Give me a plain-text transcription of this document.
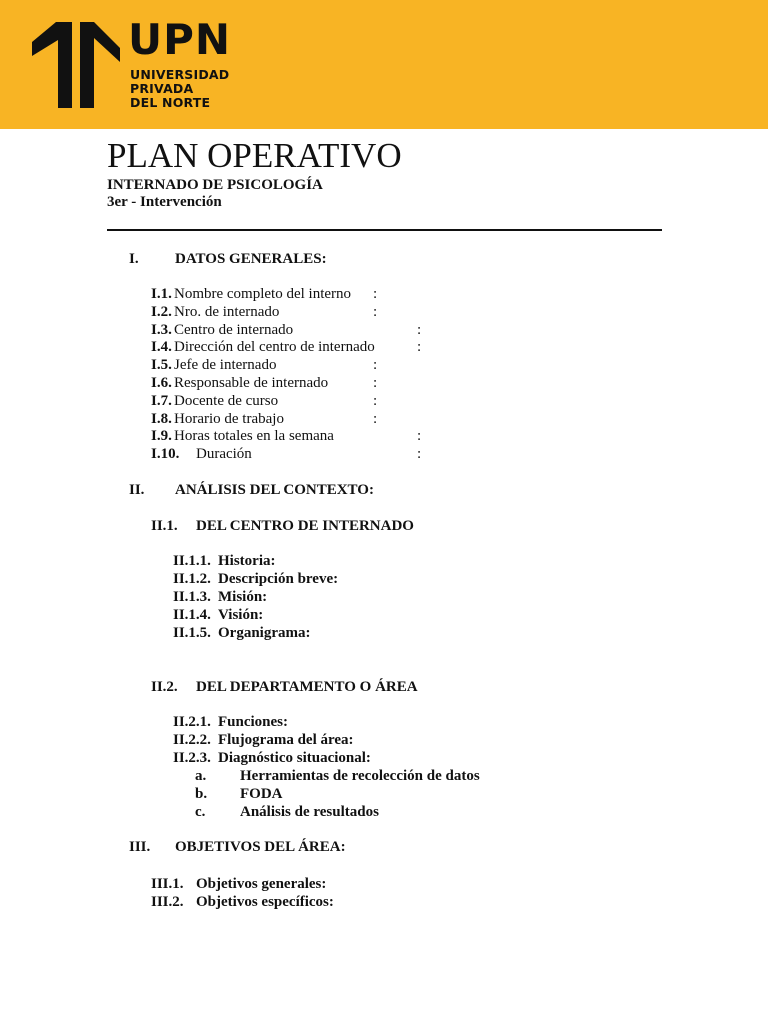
UPN
UNIVERSIDAD
PRIVADA
DEL NORTE
PLAN OPERATIVO
INTERNADO DE PSICOLOGÍA
3er - Intervención
I. DATOS GENERALES:
I.1. Nombre completo del interno :
I.2. Nro. de internado	:
I.3. Centro de internado	:
I.4. Dirección del centro de internado	:
I.5. Jefe de internado	:
I.6. Responsable de internado	:
I.7. Docente de curso	:
I.8. Horario de trabajo	:
I.9. Horas totales en la semana	:
I.10. Duración	:
II. ANÁLISIS DEL CONTEXTO:
II.1. DEL CENTRO DE INTERNADO
II.1.1. Historia:
II.1.2. Descripción breve:
II.1.3. Misión:
II.1.4. Visión:
II.1.5. Organigrama:
II.2. DEL DEPARTAMENTO O ÁREA
II.2.1. Funciones:
II.2.2. Flujograma del área:
II.2.3. Diagnóstico situacional:
a. Herramientas de recolección de datos
b. FODA
c. Análisis de resultados
III. OBJETIVOS DEL ÁREA:
III.1. Objetivos generales:
III.2. Objetivos específicos:
